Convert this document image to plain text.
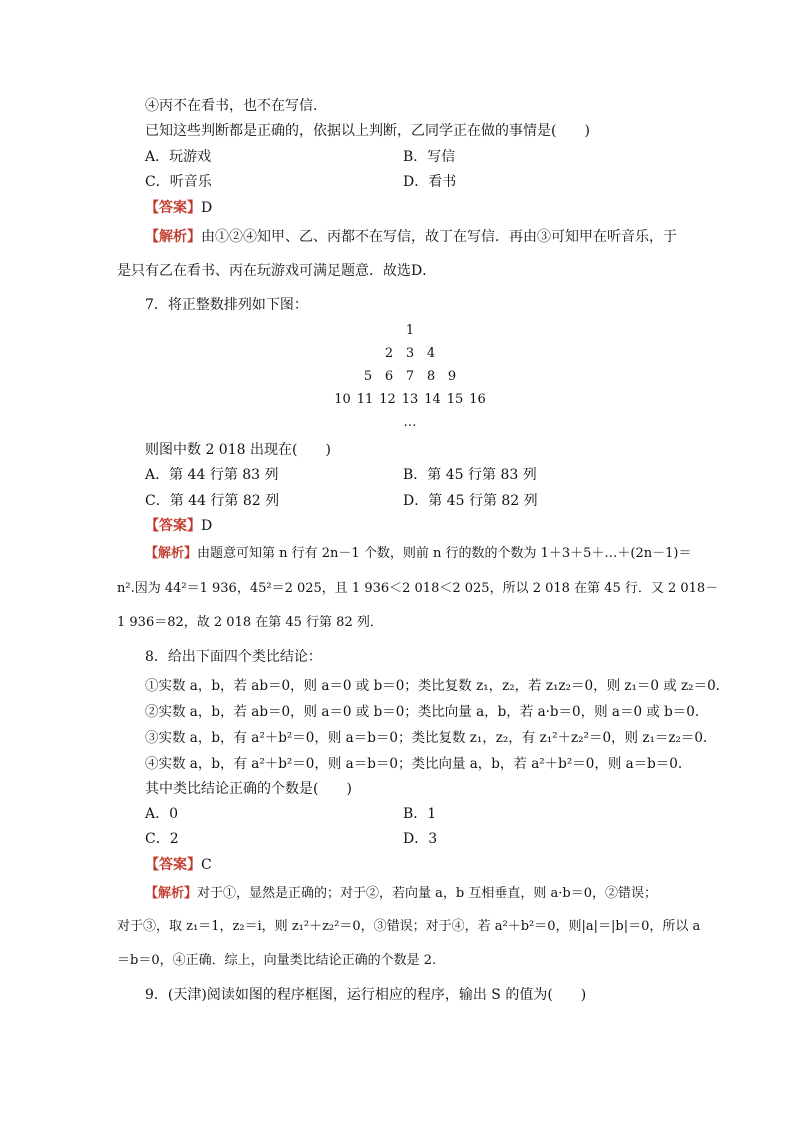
④丙不在看书，也不在写信.
已知这些判断都是正确的，依据以上判断，乙同学正在做的事情是(　　)
A．玩游戏	B．写信
C．听音乐	D．看书
【答案】D
【解析】由①②④知甲、乙、丙都不在写信，故丁在写信．再由③可知甲在听音乐，于
是只有乙在看书、丙在玩游戏可满足题意．故选D．
7．将正整数排列如下图：
1
2 3 4
5 6 7 8 9
10 11 12 13 14 15 16
…
则图中数 2 018 出现在(　　)
A．第 44 行第 83 列	B．第 45 行第 83 列
C．第 44 行第 82 列	D．第 45 行第 82 列
【答案】D
【解析】由题意可知第 n 行有 2n－1 个数，则前 n 行的数的个数为 1＋3＋5＋…＋(2n－1)＝
n².因为 44²＝1 936，45²＝2 025，且 1 936＜2 018＜2 025，所以 2 018 在第 45 行．又 2 018－
1 936＝82，故 2 018 在第 45 行第 82 列．
8．给出下面四个类比结论：
①实数 a，b，若 ab＝0，则 a＝0 或 b＝0；类比复数 z₁，z₂，若 z₁z₂＝0，则 z₁＝0 或 z₂＝0.
②实数 a，b，若 ab＝0，则 a＝0 或 b＝0；类比向量 a，b，若 a·b＝0，则 a＝0 或 b＝0.
③实数 a，b，有 a²＋b²＝0，则 a＝b＝0；类比复数 z₁，z₂，有 z₁²＋z₂²＝0，则 z₁＝z₂＝0.
④实数 a，b，有 a²＋b²＝0，则 a＝b＝0；类比向量 a，b，若 a²＋b²＝0，则 a＝b＝0.
其中类比结论正确的个数是(　　)
A．0	B．1
C．2	D．3
【答案】C
【解析】对于①，显然是正确的；对于②，若向量 a，b 互相垂直，则 a·b＝0，②错误；
对于③，取 z₁＝1，z₂＝i，则 z₁²＋z₂²＝0，③错误；对于④，若 a²＋b²＝0，则|a|＝|b|＝0，所以 a
＝b＝0，④正确．综上，向量类比结论正确的个数是 2.
9．(天津)阅读如图的程序框图，运行相应的程序，输出 S 的值为(　　)
